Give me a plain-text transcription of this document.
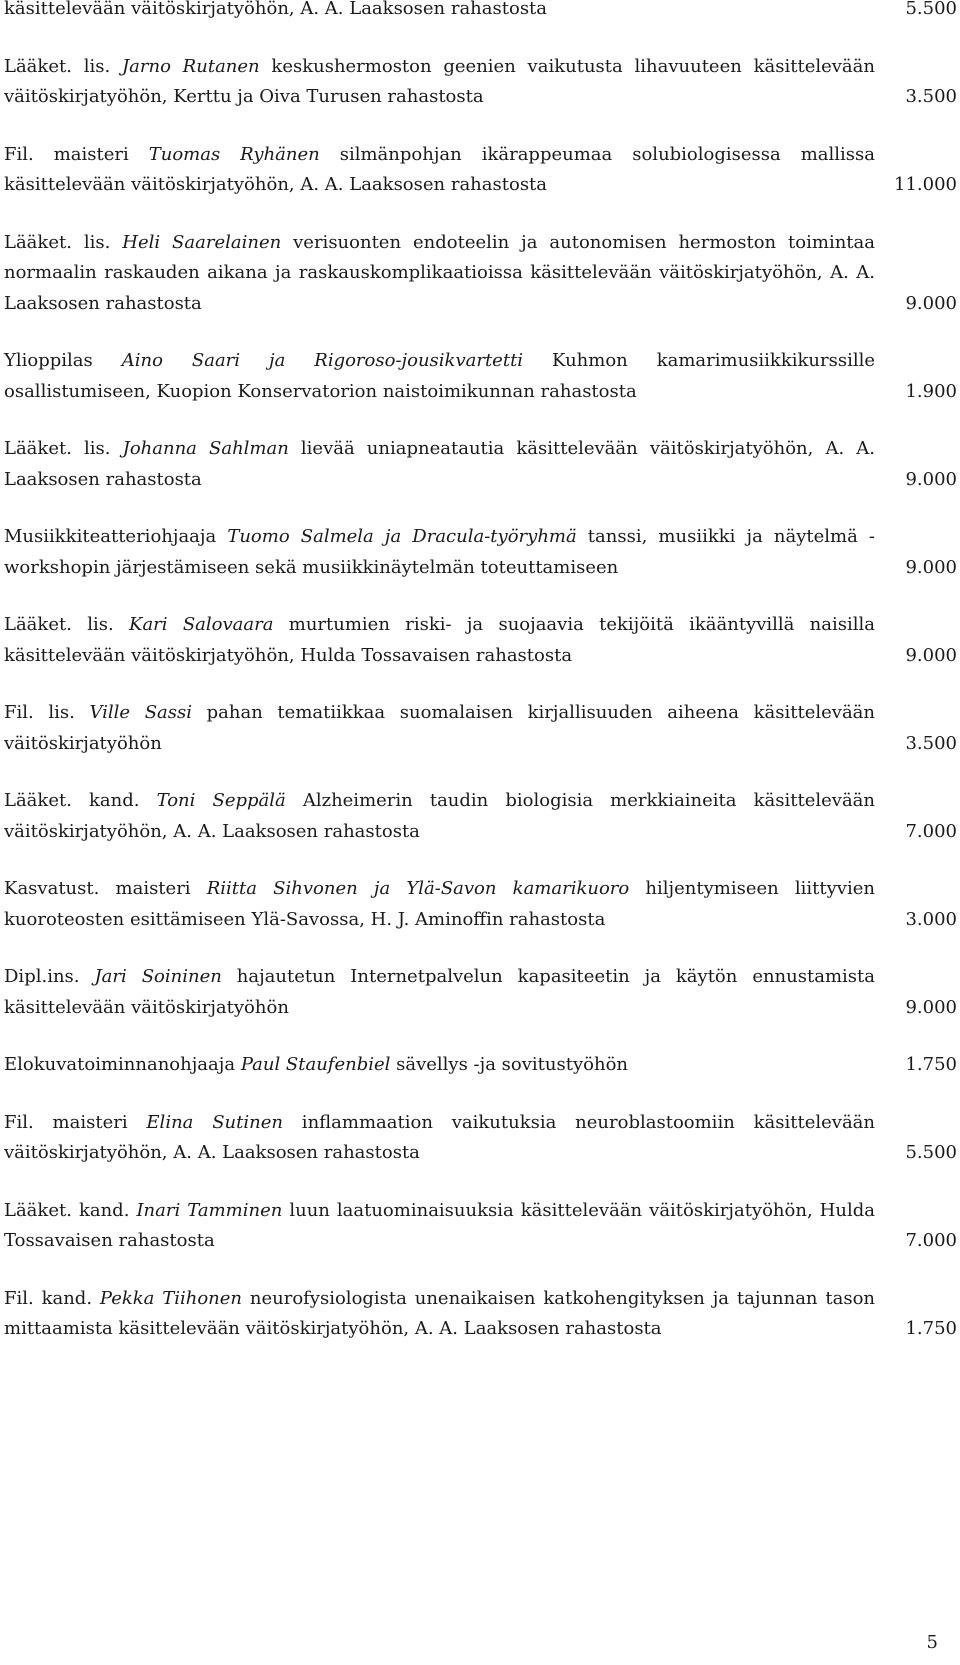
käsittelevään väitöskirjatyöhön, A. A. Laaksosen rahastosta	5.500
Lääket. lis. Jarno Rutanen keskushermoston geenien vaikutusta lihavuuteen käsittelevään väitöskirjatyöhön, Kerttu ja Oiva Turusen rahastosta	3.500
Fil. maisteri Tuomas Ryhänen silmänpohjan ikärappeumaa solubiologisessa mallissa käsittelevään väitöskirjatyöhön, A. A. Laaksosen rahastosta	11.000
Lääket. lis. Heli Saarelainen verisuonten endoteelin ja autonomisen hermoston toimintaa normaalin raskauden aikana ja raskauskomplikaatioissa käsittelevään väitöskirjatyöhön, A. A. Laaksosen rahastosta	9.000
Ylioppilas Aino Saari ja Rigoroso-jousikvartetti Kuhmon kamarimusiikkikurssille osallistumiseen, Kuopion Konservatorion naistoimikunnan rahastosta	1.900
Lääket. lis. Johanna Sahlman lievää uniapneatautia käsittelevään väitöskirjatyöhön, A. A. Laaksosen rahastosta	9.000
Musiikkiteatteriohjaaja Tuomo Salmela ja Dracula-työryhmä tanssi, musiikki ja näytelmä -workshopin järjestämiseen sekä musiikkinäytelmän toteuttamiseen	9.000
Lääket. lis. Kari Salovaara murtumien riski- ja suojaavia tekijöitä ikääntyvillä naisilla käsittelevään väitöskirjatyöhön, Hulda Tossavaisen rahastosta	9.000
Fil. lis. Ville Sassi pahan tematiikkaa suomalaisen kirjallisuuden aiheena käsittelevään väitöskirjatyöhön	3.500
Lääket. kand. Toni Seppälä Alzheimerin taudin biologisia merkkiaineita käsittelevään väitöskirjatyöhön, A. A. Laaksosen rahastosta	7.000
Kasvatust. maisteri Riitta Sihvonen ja Ylä-Savon kamarikuoro hiljentymiseen liittyvien kuoroteosten esittämiseen Ylä-Savossa, H. J. Aminoffin rahastosta	3.000
Dipl.ins. Jari Soininen hajautetun Internetpalvelun kapasiteetin ja käytön ennustamista käsittelevään väitöskirjatyöhön	9.000
Elokuvatoiminnanohjaaja Paul Staufenbiel sävellys -ja sovitustyöhön	1.750
Fil. maisteri Elina Sutinen inflammaation vaikutuksia neuroblastoomiin käsittelevään väitöskirjatyöhön, A. A. Laaksosen rahastosta	5.500
Lääket. kand. Inari Tamminen luun laatuominaisuuksia käsittelevään väitöskirjatyöhön, Hulda Tossavaisen rahastosta	7.000
Fil. kand. Pekka Tiihonen neurofysiologista unenaikaisen katkohengityksen ja tajunnan tason mittaamista käsittelevään väitöskirjatyöhön, A. A. Laaksosen rahastosta	1.750
5
